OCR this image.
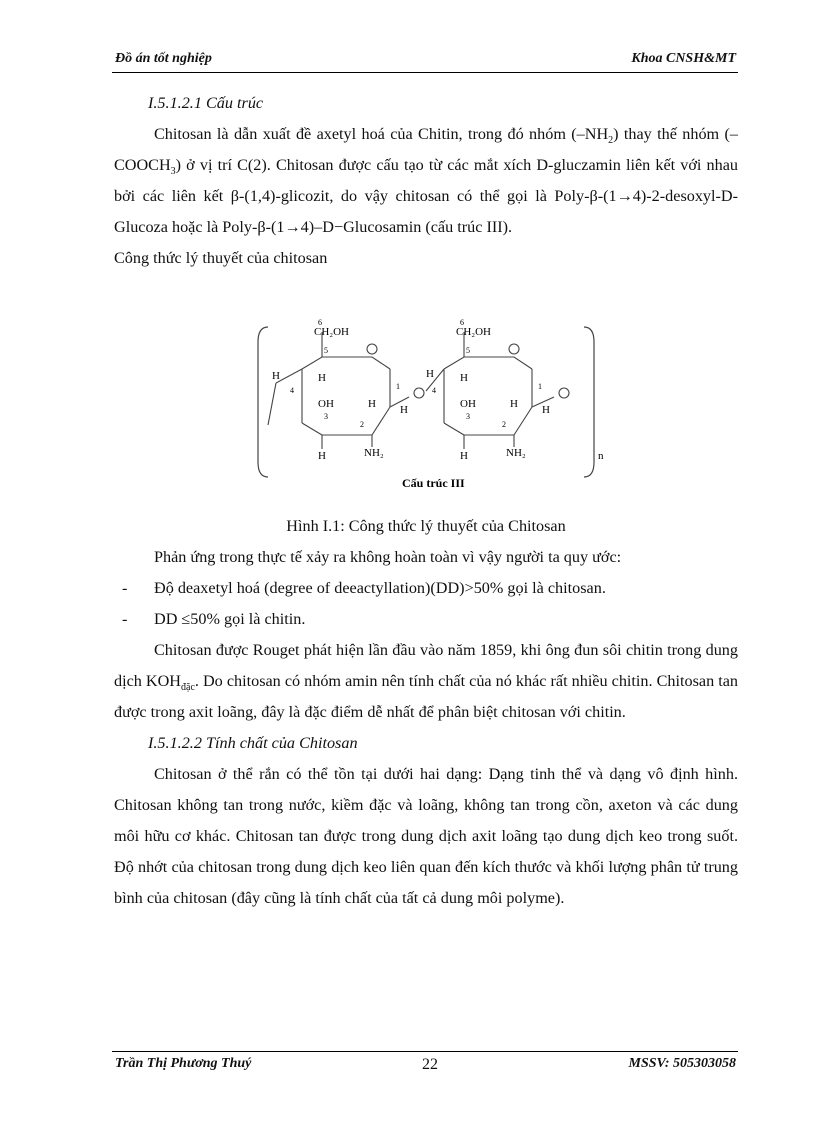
Đồ án tốt nghiệp	Khoa CNSH&MT

I.5.1.2.1 Cấu trúc

Chitosan là dẫn xuất đề axetyl hoá của Chitin, trong đó nhóm $(-NH_2)$ thay thế nhóm $(-COOCH_3)$ ở vị trí C(2). Chitosan được cấu tạo từ các mắt xích D-gluczamin liên kết với nhau bởi các liên kết β-(1,4)-glicozit, do vậy chitosan có thể gọi là Poly-β-(1→4)-2-desoxyl-D-Glucoza hoặc là Poly-β-(1→4)–D−Glucosamin (cấu trúc III).

Công thức lý thuyết của chitosan

6
CH₂OH
5
H
4
H
OH
3
H
H
2
NH₂
1
H
H
6
CH₂OH
5
4
H
OH
3
H
H
2
NH₂
1
H
n
Cấu trúc III

Hình I.1: Công thức lý thuyết của Chitosan

Phản ứng trong thực tế xảy ra không hoàn toàn vì vậy người ta quy ước:

- Độ deaxetyl hoá (degree of deeactyllation)(DD)>50% gọi là chitosan.

- DD ≤50% gọi là chitin.

Chitosan được Rouget phát hiện lần đầu vào năm 1859, khi ông đun sôi chitin trong dung dịch $KOH_{đặc}$. Do chitosan có nhóm amin nên tính chất của nó khác rất nhiều chitin. Chitosan tan được trong axit loãng, đây là đặc điểm dễ nhất để phân biệt chitosan với chitin.

I.5.1.2.2 Tính chất của Chitosan

Chitosan ở thể rắn có thể tồn tại dưới hai dạng: Dạng tinh thể và dạng vô định hình. Chitosan không tan trong nước, kiềm đặc và loãng, không tan trong cồn, axeton và các dung môi hữu cơ khác. Chitosan tan được trong dung dịch axit loãng tạo dung dịch keo trong suốt. Độ nhớt của chitosan trong dung dịch keo liên quan đến kích thước và khối lượng phân tử trung bình của chitosan (đây cũng là tính chất của tất cả dung môi polyme).

Trần Thị Phương Thuý	22	MSSV: 505303058
